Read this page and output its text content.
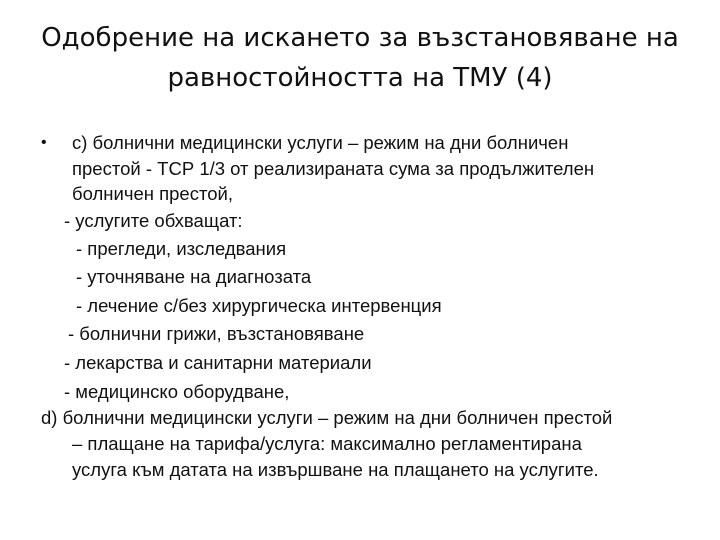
Одобрение на искането за възстановяване на
равностойността на ТМУ (4)
• с) болнични медицински услуги – режим на дни болничен
престой - ТСР 1/3 от реализираната сума за продължителен
болничен престой,
- услугите обхващат:
- прегледи, изследвания
- уточняване на диагнозата
- лечение с/без хирургическа интервенция
- болнични грижи, възстановяване
- лекарства и санитарни материали
- медицинско оборудване,
d) болнични медицински услуги – режим на дни болничен престой
– плащане на тарифа/услуга: максимално регламентирана
услуга към датата на извършване на плащането на услугите.
